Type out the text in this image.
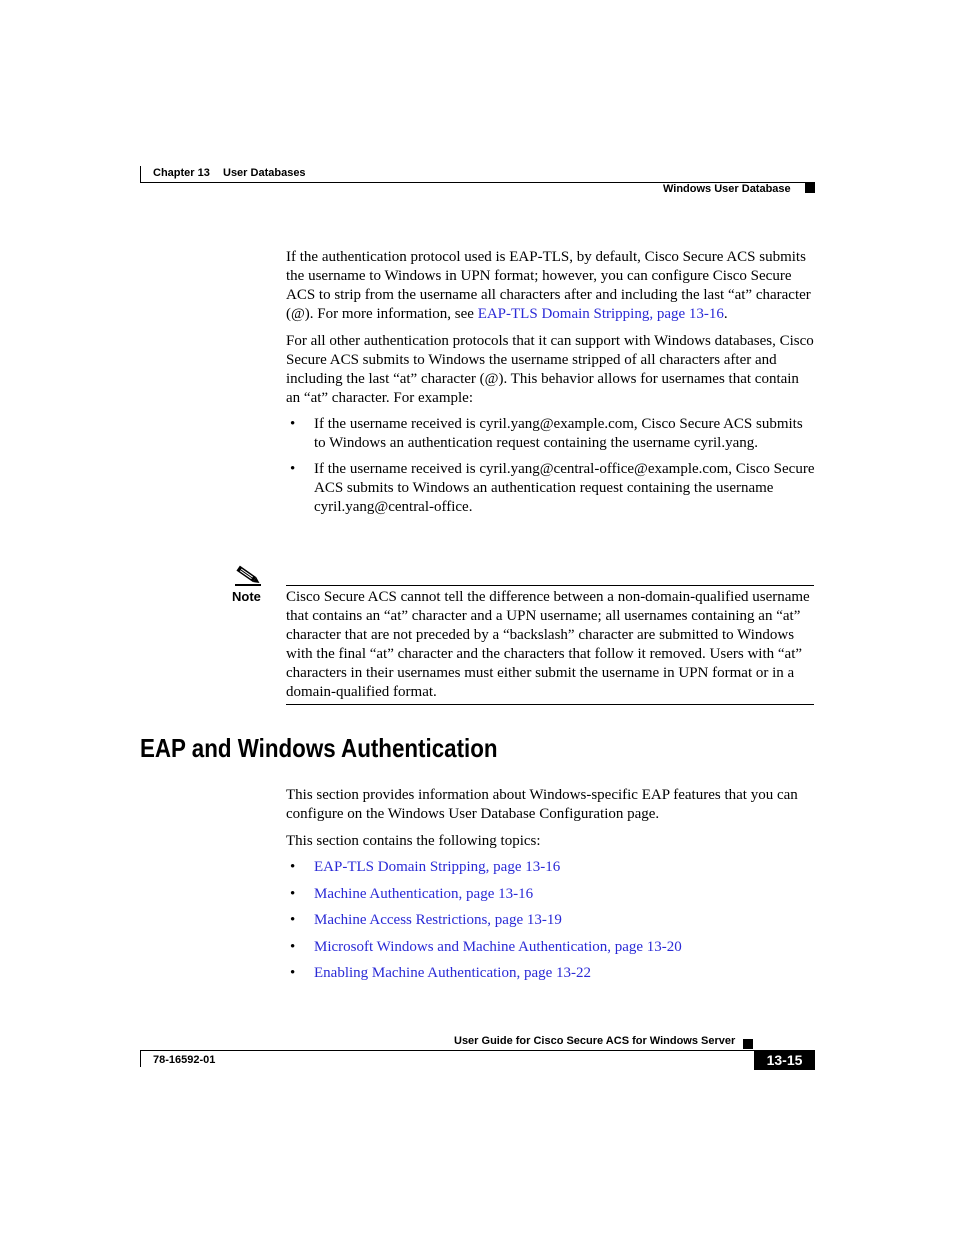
Chapter 13 User Databases
Windows User Database

If the authentication protocol used is EAP-TLS, by default, Cisco Secure ACS submits the username to Windows in UPN format; however, you can configure Cisco Secure ACS to strip from the username all characters after and including the last “at” character (@). For more information, see EAP-TLS Domain Stripping, page 13-16.

For all other authentication protocols that it can support with Windows databases, Cisco Secure ACS submits to Windows the username stripped of all characters after and including the last “at” character (@). This behavior allows for usernames that contain an “at” character. For example:

• If the username received is cyril.yang@example.com, Cisco Secure ACS submits to Windows an authentication request containing the username cyril.yang.
• If the username received is cyril.yang@central-office@example.com, Cisco Secure ACS submits to Windows an authentication request containing the username cyril.yang@central-office.
Note Cisco Secure ACS cannot tell the difference between a non-domain-qualified username that contains an “at” character and a UPN username; all usernames containing an “at” character that are not preceded by a “backslash” character are submitted to Windows with the final “at” character and the characters that follow it removed. Users with “at” characters in their usernames must either submit the username in UPN format or in a domain-qualified format.
EAP and Windows Authentication

This section provides information about Windows-specific EAP features that you can configure on the Windows User Database Configuration page.

This section contains the following topics:

• EAP-TLS Domain Stripping, page 13-16
• Machine Authentication, page 13-16
• Machine Access Restrictions, page 13-19
• Microsoft Windows and Machine Authentication, page 13-20
• Enabling Machine Authentication, page 13-22
User Guide for Cisco Secure ACS for Windows Server
78-16592-01	13-15
